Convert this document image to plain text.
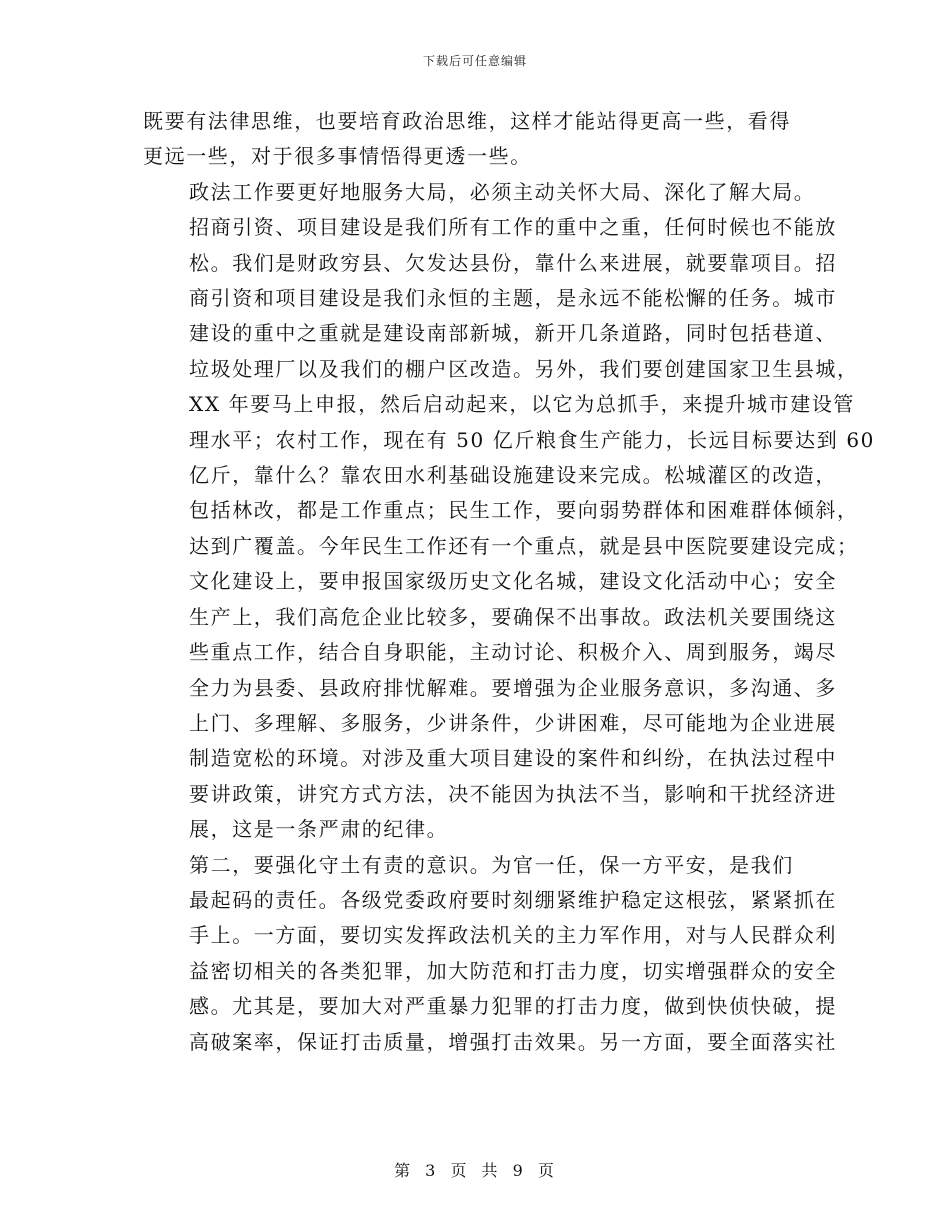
下载后可任意编辑

既要有法律思维，也要培育政治思维，这样才能站得更高一些，看得
更远一些，对于很多事情悟得更透一些。

政法工作要更好地服务大局，必须主动关怀大局、深化了解大局。
招商引资、项目建设是我们所有工作的重中之重，任何时候也不能放
松。我们是财政穷县、欠发达县份，靠什么来进展，就要靠项目。招
商引资和项目建设是我们永恒的主题，是永远不能松懈的任务。城市
建设的重中之重就是建设南部新城，新开几条道路，同时包括巷道、
垃圾处理厂以及我们的棚户区改造。另外，我们要创建国家卫生县城，
XX 年要马上申报，然后启动起来，以它为总抓手，来提升城市建设管
理水平；农村工作，现在有 50 亿斤粮食生产能力，长远目标要达到 60
亿斤，靠什么？靠农田水利基础设施建设来完成。松城灌区的改造，
包括林改，都是工作重点；民生工作，要向弱势群体和困难群体倾斜，
达到广覆盖。今年民生工作还有一个重点，就是县中医院要建设完成；
文化建设上，要申报国家级历史文化名城，建设文化活动中心；安全
生产上，我们高危企业比较多，要确保不出事故。政法机关要围绕这
些重点工作，结合自身职能，主动讨论、积极介入、周到服务，竭尽
全力为县委、县政府排忧解难。要增强为企业服务意识，多沟通、多
上门、多理解、多服务，少讲条件，少讲困难，尽可能地为企业进展
制造宽松的环境。对涉及重大项目建设的案件和纠纷，在执法过程中
要讲政策，讲究方式方法，决不能因为执法不当，影响和干扰经济进
展，这是一条严肃的纪律。

第二，要强化守土有责的意识。为官一任，保一方平安，是我们
最起码的责任。各级党委政府要时刻绷紧维护稳定这根弦，紧紧抓在
手上。一方面，要切实发挥政法机关的主力军作用，对与人民群众利
益密切相关的各类犯罪，加大防范和打击力度，切实增强群众的安全
感。尤其是，要加大对严重暴力犯罪的打击力度，做到快侦快破，提
高破案率，保证打击质量，增强打击效果。另一方面，要全面落实社

第 3 页 共 9 页
